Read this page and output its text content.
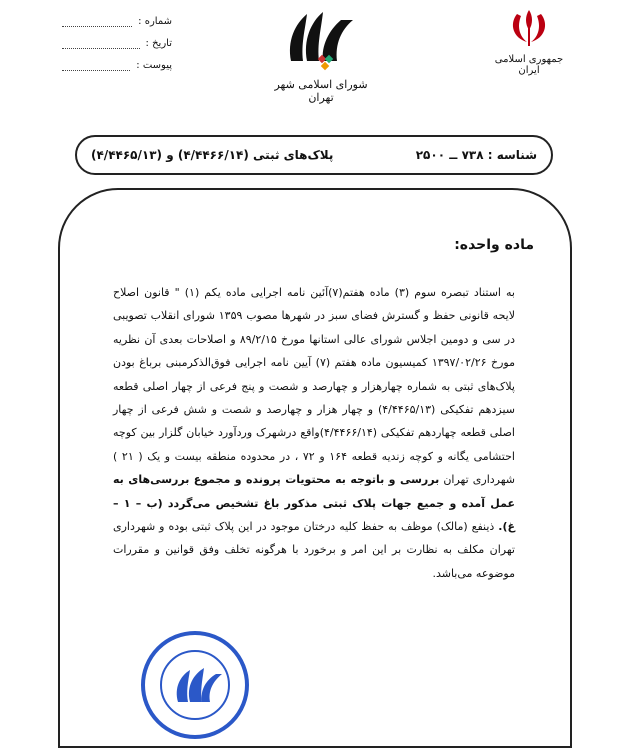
شماره :
تاریخ :
پیوست :
شورای اسلامی شهر تهران
جمهوری اسلامی ایران
شناسه : ۷۳۸ ــ ۲۵۰۰
پلاک‌های ثبتی (۴/۴۴۶۶/۱۴) و (۴/۴۴۶۵/۱۳)
ماده واحده:
به استناد تبصره سوم (۳) ماده هفتم(۷)آئین نامه اجرایی ماده یکم (۱) " قانون اصلاح لایحه قانونی حفظ و گسترش فضای سبز در شهرها مصوب ۱۳۵۹ شورای انقلاب تصویبی در سی و دومین اجلاس شورای عالی استانها مورخ ۸۹/۲/۱۵ و اصلاحات بعدی آن نظریه مورخ ۱۳۹۷/۰۲/۲۶ کمیسیون ماده هفتم (۷) آیین نامه اجرایی فوق‌الذکرمبنی برباغ بودن پلاک‌های ثبتی به شماره چهارهزار و چهارصد و شصت و پنج فرعی از چهار اصلی قطعه سیزدهم تفکیکی (۴/۴۴۶۵/۱۳) و چهار هزار و چهارصد و شصت و شش فرعی از چهار اصلی قطعه چهاردهم تفکیکی (۴/۴۴۶۶/۱۴)واقع درشهرک وردآورد خیابان گلزار بین کوچه احتشامی یگانه و کوچه زندیه قطعه ۱۶۴ و ۷۲ ، در محدوده منطقه بیست و یک ( ۲۱ ) شهرداری تهران بررسی و باتوجه به محتویات پرونده و مجموع بررسی‌های به عمل آمده و جمیع جهات پلاک ثبتی مذکور باغ تشخیص می‌گردد (ب – ۱ – غ). ذینفع (مالک) موظف به حفظ کلیه درختان موجود در این پلاک ثبتی بوده و شهرداری تهران مکلف به نظارت بر این امر و برخورد با هرگونه تخلف وفق قوانین و مقررات موضوعه می‌باشد.
